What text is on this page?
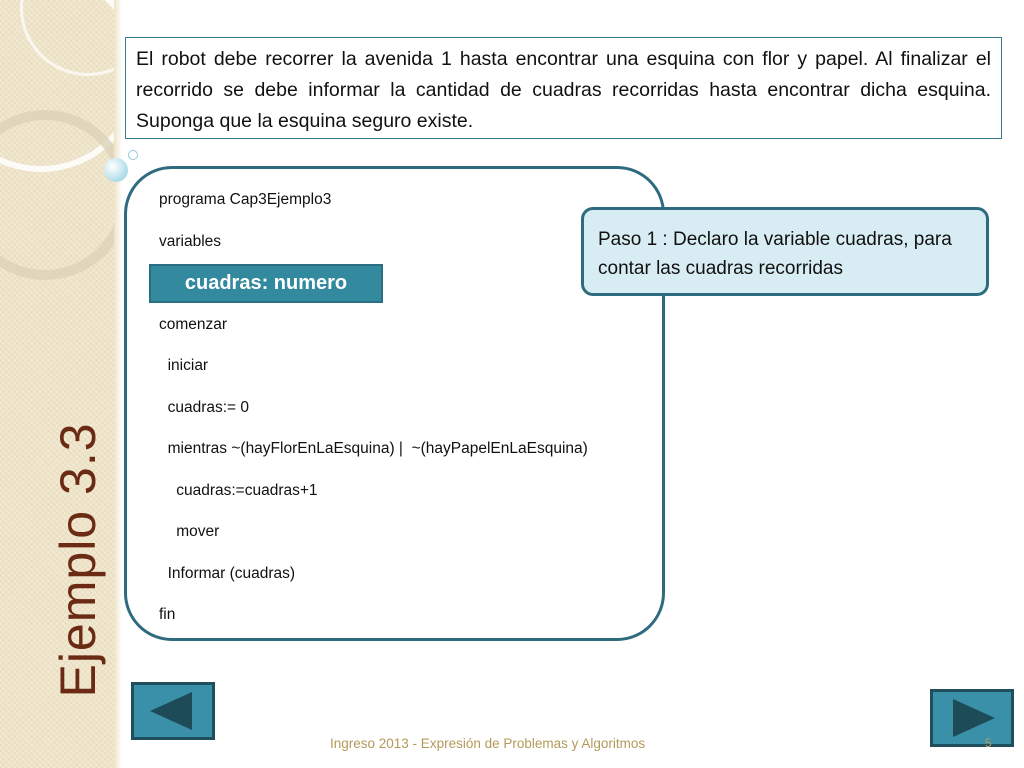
Ejemplo 3.3
El robot debe recorrer la avenida 1 hasta encontrar una esquina con flor y papel. Al finalizar el recorrido se debe informar la cantidad de cuadras recorridas hasta encontrar dicha esquina. Suponga que la esquina seguro existe.
programa Cap3Ejemplo3
variables
cuadras: numero
comenzar
iniciar
cuadras:= 0
mientras ~(hayFlorEnLaEsquina) |  ~(hayPapelEnLaEsquina)
cuadras:=cuadras+1
mover
Informar (cuadras)
fin
Paso 1 : Declaro la variable cuadras, para contar las cuadras recorridas
Ingreso 2013 - Expresión de Problemas y Algoritmos	5
